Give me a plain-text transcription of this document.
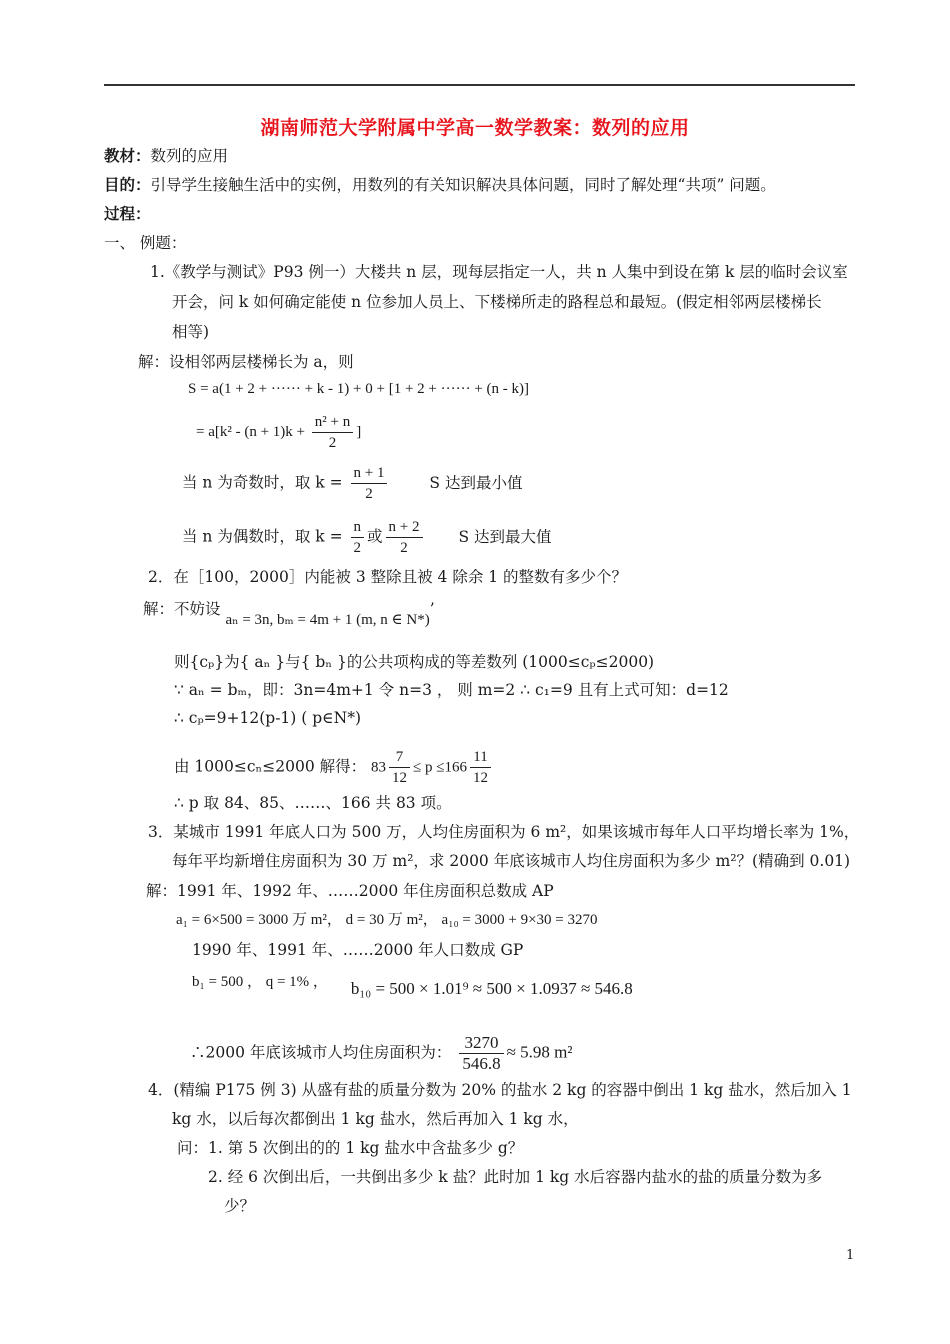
湖南师范大学附属中学高一数学教案：数列的应用
教材：数列的应用
目的：引导学生接触生活中的实例，用数列的有关知识解决具体问题，同时了解处理“共项” 问题。
过程：
一、 例题：
1.《教学与测试》P93 例一）大楼共 n 层，现每层指定一人，共 n 人集中到设在第 k 层的临时会议室
开会，问 k 如何确定能使 n 位参加人员上、下楼梯所走的路程总和最短。(假定相邻两层楼梯长
相等)
解：设相邻两层楼梯长为 a，则
S = a(1 + 2 + ······ + k - 1) + 0 + [1 + 2 + ······ + (n - k)]
= $a[k^2 - (n + 1)k + \frac{\text{n² + n}}{2}$ ]
当 n 为奇数时，取 $k = \frac{n + 1}{2}$	S 达到最小值
当 n 为偶数时，取 $k = \frac{n}{2}$ 或 $\frac{n + 2}{2}$ S 达到最大值
2．在［100，2000］内能被 3 整除且被 4 除余 1 的整数有多少个？
解：不妨设 aₙ = 3n, bₘ = 4m + 1 (m, n ∈ N*)’
则{cₚ}为{ aₙ }与{ bₙ }的公共项构成的等差数列 (1000≤cₚ≤2000)
∵ aₙ = bₘ，即：3n=4m+1 令 n=3 ， 则 m=2 ∴ c₁=9 且有上式可知：d=12
∴ cₚ=9+12(p-1) ( p∈N*)
由 1000≤cₙ≤2000 解得： $83 \frac{7}{12} \le p \le 166 \frac{11}{12}$
∴ p 取 84、85、……、166 共 83 项。
3．某城市 1991 年底人口为 500 万，人均住房面积为 6 m²，如果该城市每年人口平均增长率为 1%，
每年平均新增住房面积为 30 万 m²，求 2000 年底该城市人均住房面积为多少 m²？(精确到 0.01)
解：1991 年、1992 年、……2000 年住房面积总数成 AP
a₁ = 6×500 = 3000 万 m²， d = 30 万 m²， a₁₀ = 3000 + 9×30 = 3270
1990 年、1991 年、……2000 年人口数成 GP
b₁ = 500 ， q = 1% ， b₁₀ = 500 × 1.01⁹ ≈ 500 × 1.0937 ≈ 546.8
∴2000 年底该城市人均住房面积为： $\frac{3270}{546.8} \approx 5.98$ m²
4．(精编 P175 例 3) 从盛有盐的质量分数为 20% 的盐水 2 kg 的容器中倒出 1 kg 盐水，然后加入 1
kg 水，以后每次都倒出 1 kg 盐水，然后再加入 1 kg 水，
问：1. 第 5 次倒出的的 1 kg 盐水中含盐多少 g？
2. 经 6 次倒出后，一共倒出多少 k 盐？此时加 1 kg 水后容器内盐水的盐的质量分数为多
少？
1
